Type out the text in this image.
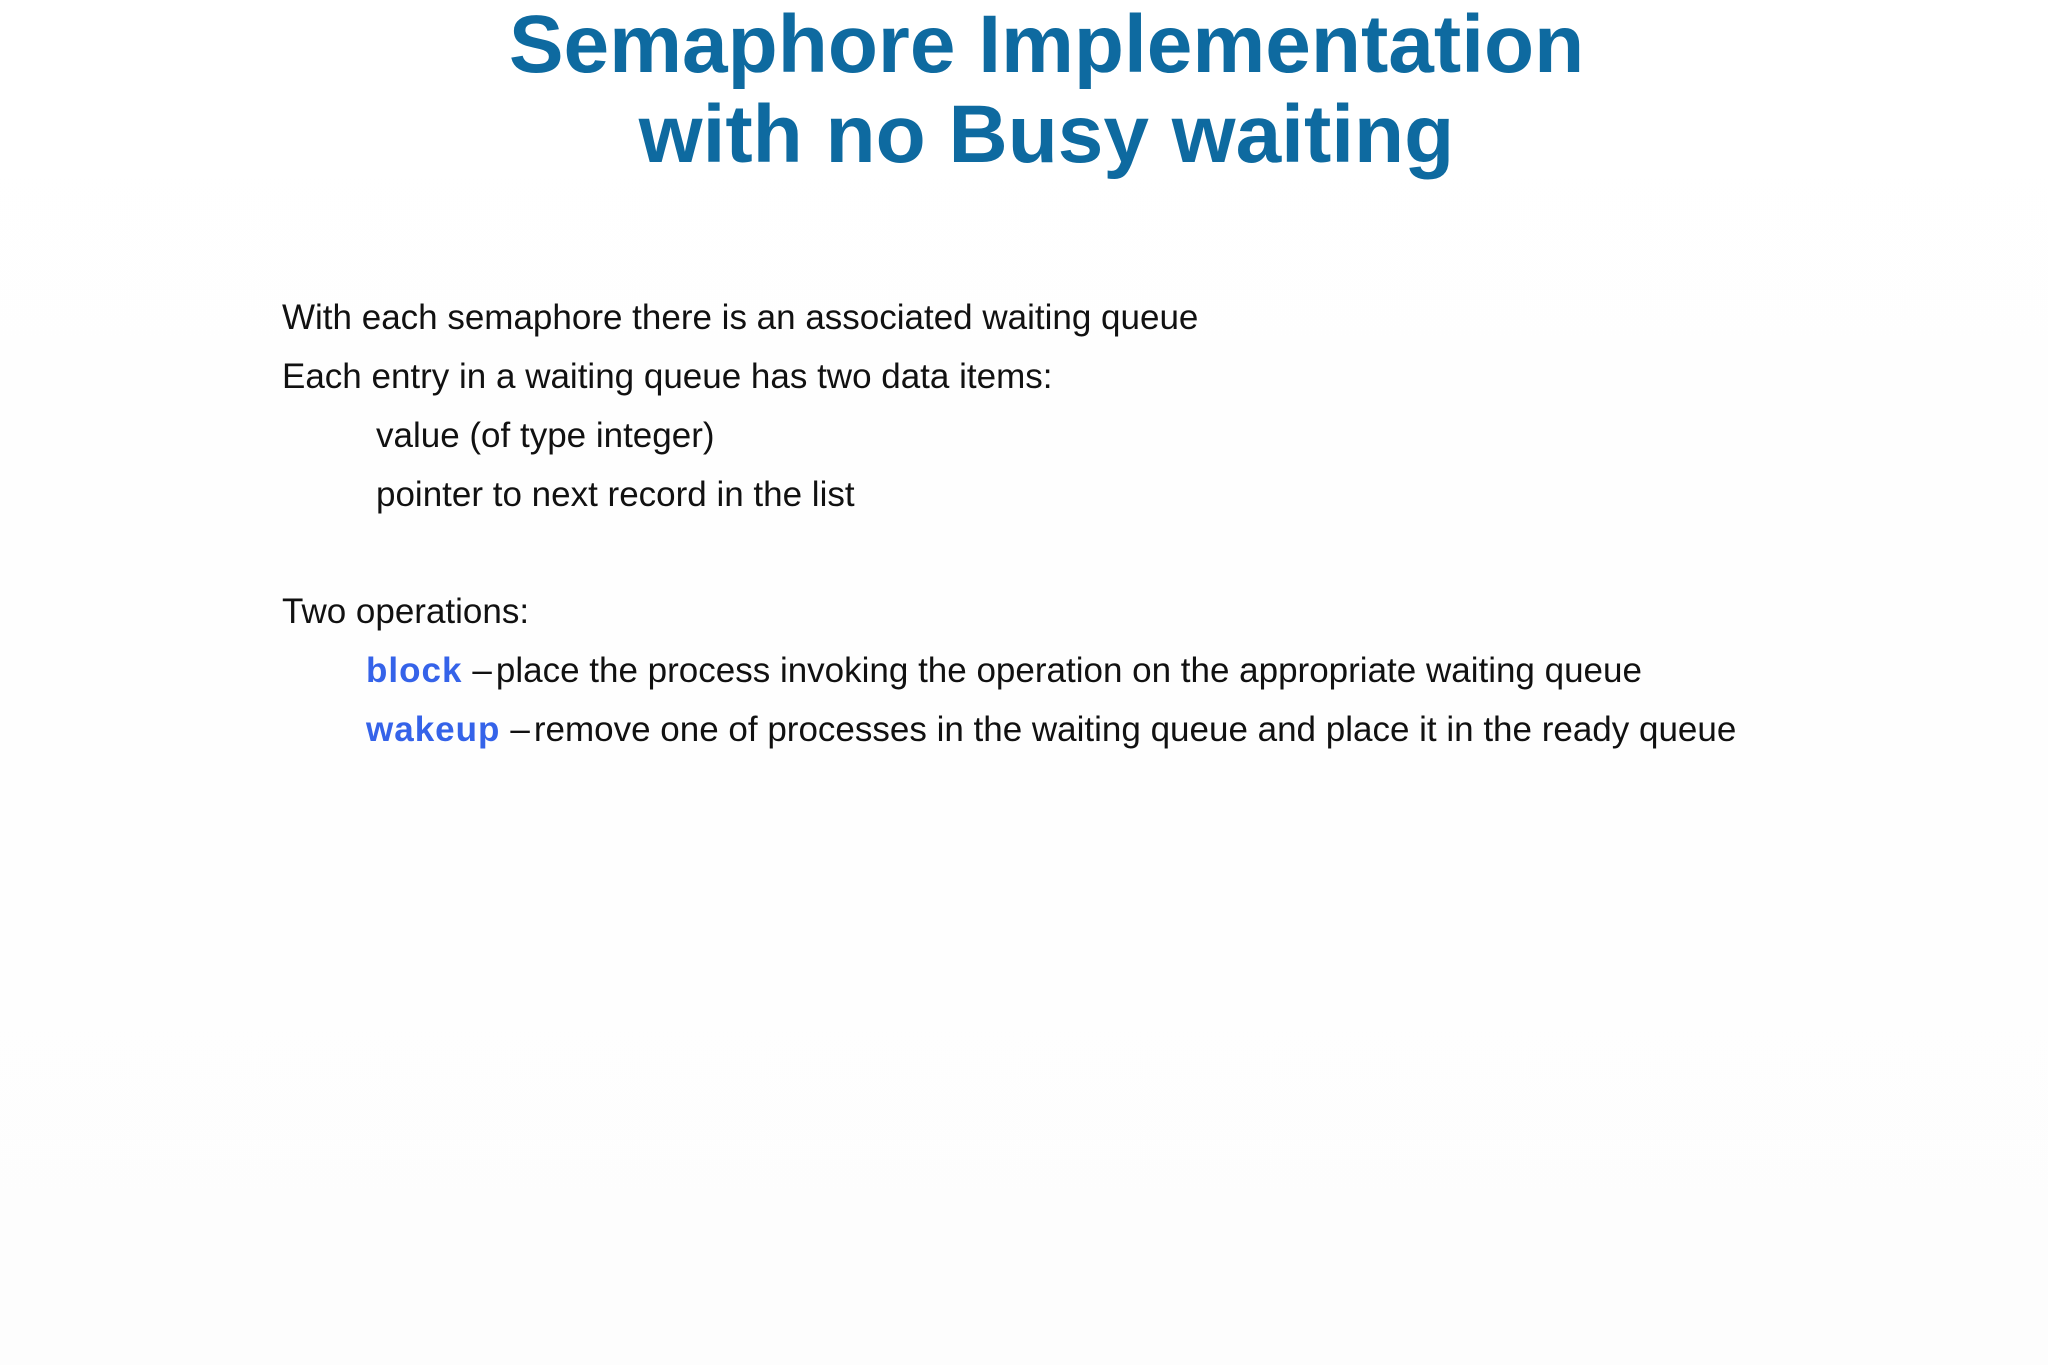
Semaphore Implementation
with no Busy waiting
With each semaphore there is an associated waiting queue
Each entry in a waiting queue has two data items:
value (of type integer)
pointer to next record in the list
Two operations:
block – place the process invoking the operation on the appropriate waiting queue
wakeup – remove one of processes in the waiting queue and place it in the ready queue
